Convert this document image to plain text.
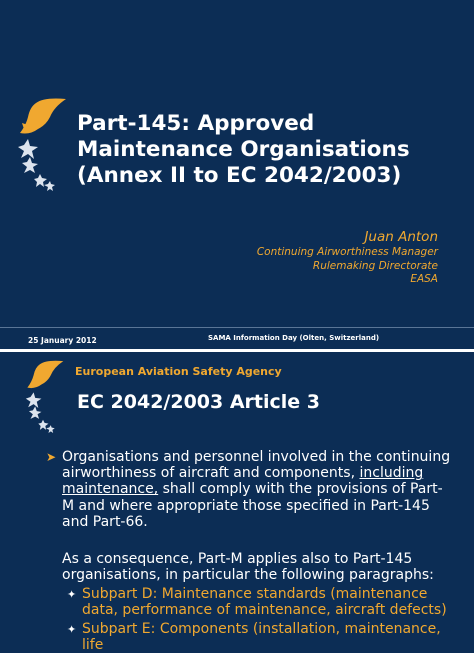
Part-145: Approved
Maintenance Organisations
(Annex II to EC 2042/2003)
Juan Anton
Continuing Airworthiness Manager
Rulemaking Directorate
EASA
25 January 2012	SAMA Information Day (Olten, Switzerland)
European Aviation Safety Agency
EC 2042/2003 Article 3
➤ Organisations and personnel involved in the continuing airworthiness of aircraft and components, including maintenance, shall comply with the provisions of Part-M and where appropriate those specified in Part-145 and Part-66.
As a consequence, Part-M applies also to Part-145 organisations, in particular the following paragraphs:
✦ Subpart D: Maintenance standards (maintenance data, performance of maintenance, aircraft defects)
✦ Subpart E: Components (installation, maintenance, life
